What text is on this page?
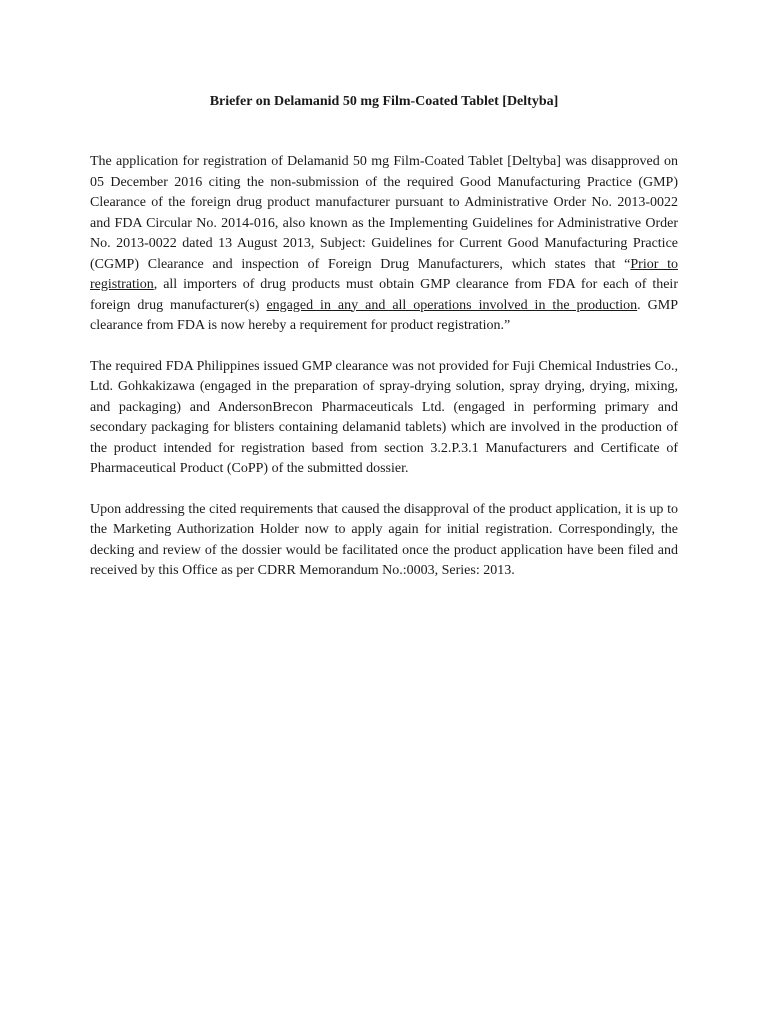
Briefer on Delamanid 50 mg Film-Coated Tablet [Deltyba]

The application for registration of Delamanid 50 mg Film-Coated Tablet [Deltyba] was disapproved on 05 December 2016 citing the non-submission of the required Good Manufacturing Practice (GMP) Clearance of the foreign drug product manufacturer pursuant to Administrative Order No. 2013-0022 and FDA Circular No. 2014-016, also known as the Implementing Guidelines for Administrative Order No. 2013-0022 dated 13 August 2013, Subject: Guidelines for Current Good Manufacturing Practice (CGMP) Clearance and inspection of Foreign Drug Manufacturers, which states that “Prior to registration, all importers of drug products must obtain GMP clearance from FDA for each of their foreign drug manufacturer(s) engaged in any and all operations involved in the production. GMP clearance from FDA is now hereby a requirement for product registration.”

The required FDA Philippines issued GMP clearance was not provided for Fuji Chemical Industries Co., Ltd. Gohkakizawa (engaged in the preparation of spray-drying solution, spray drying, drying, mixing, and packaging) and AndersonBrecon Pharmaceuticals Ltd. (engaged in performing primary and secondary packaging for blisters containing delamanid tablets) which are involved in the production of the product intended for registration based from section 3.2.P.3.1 Manufacturers and Certificate of Pharmaceutical Product (CoPP) of the submitted dossier.

Upon addressing the cited requirements that caused the disapproval of the product application, it is up to the Marketing Authorization Holder now to apply again for initial registration. Correspondingly, the decking and review of the dossier would be facilitated once the product application have been filed and received by this Office as per CDRR Memorandum No.:0003, Series: 2013.
